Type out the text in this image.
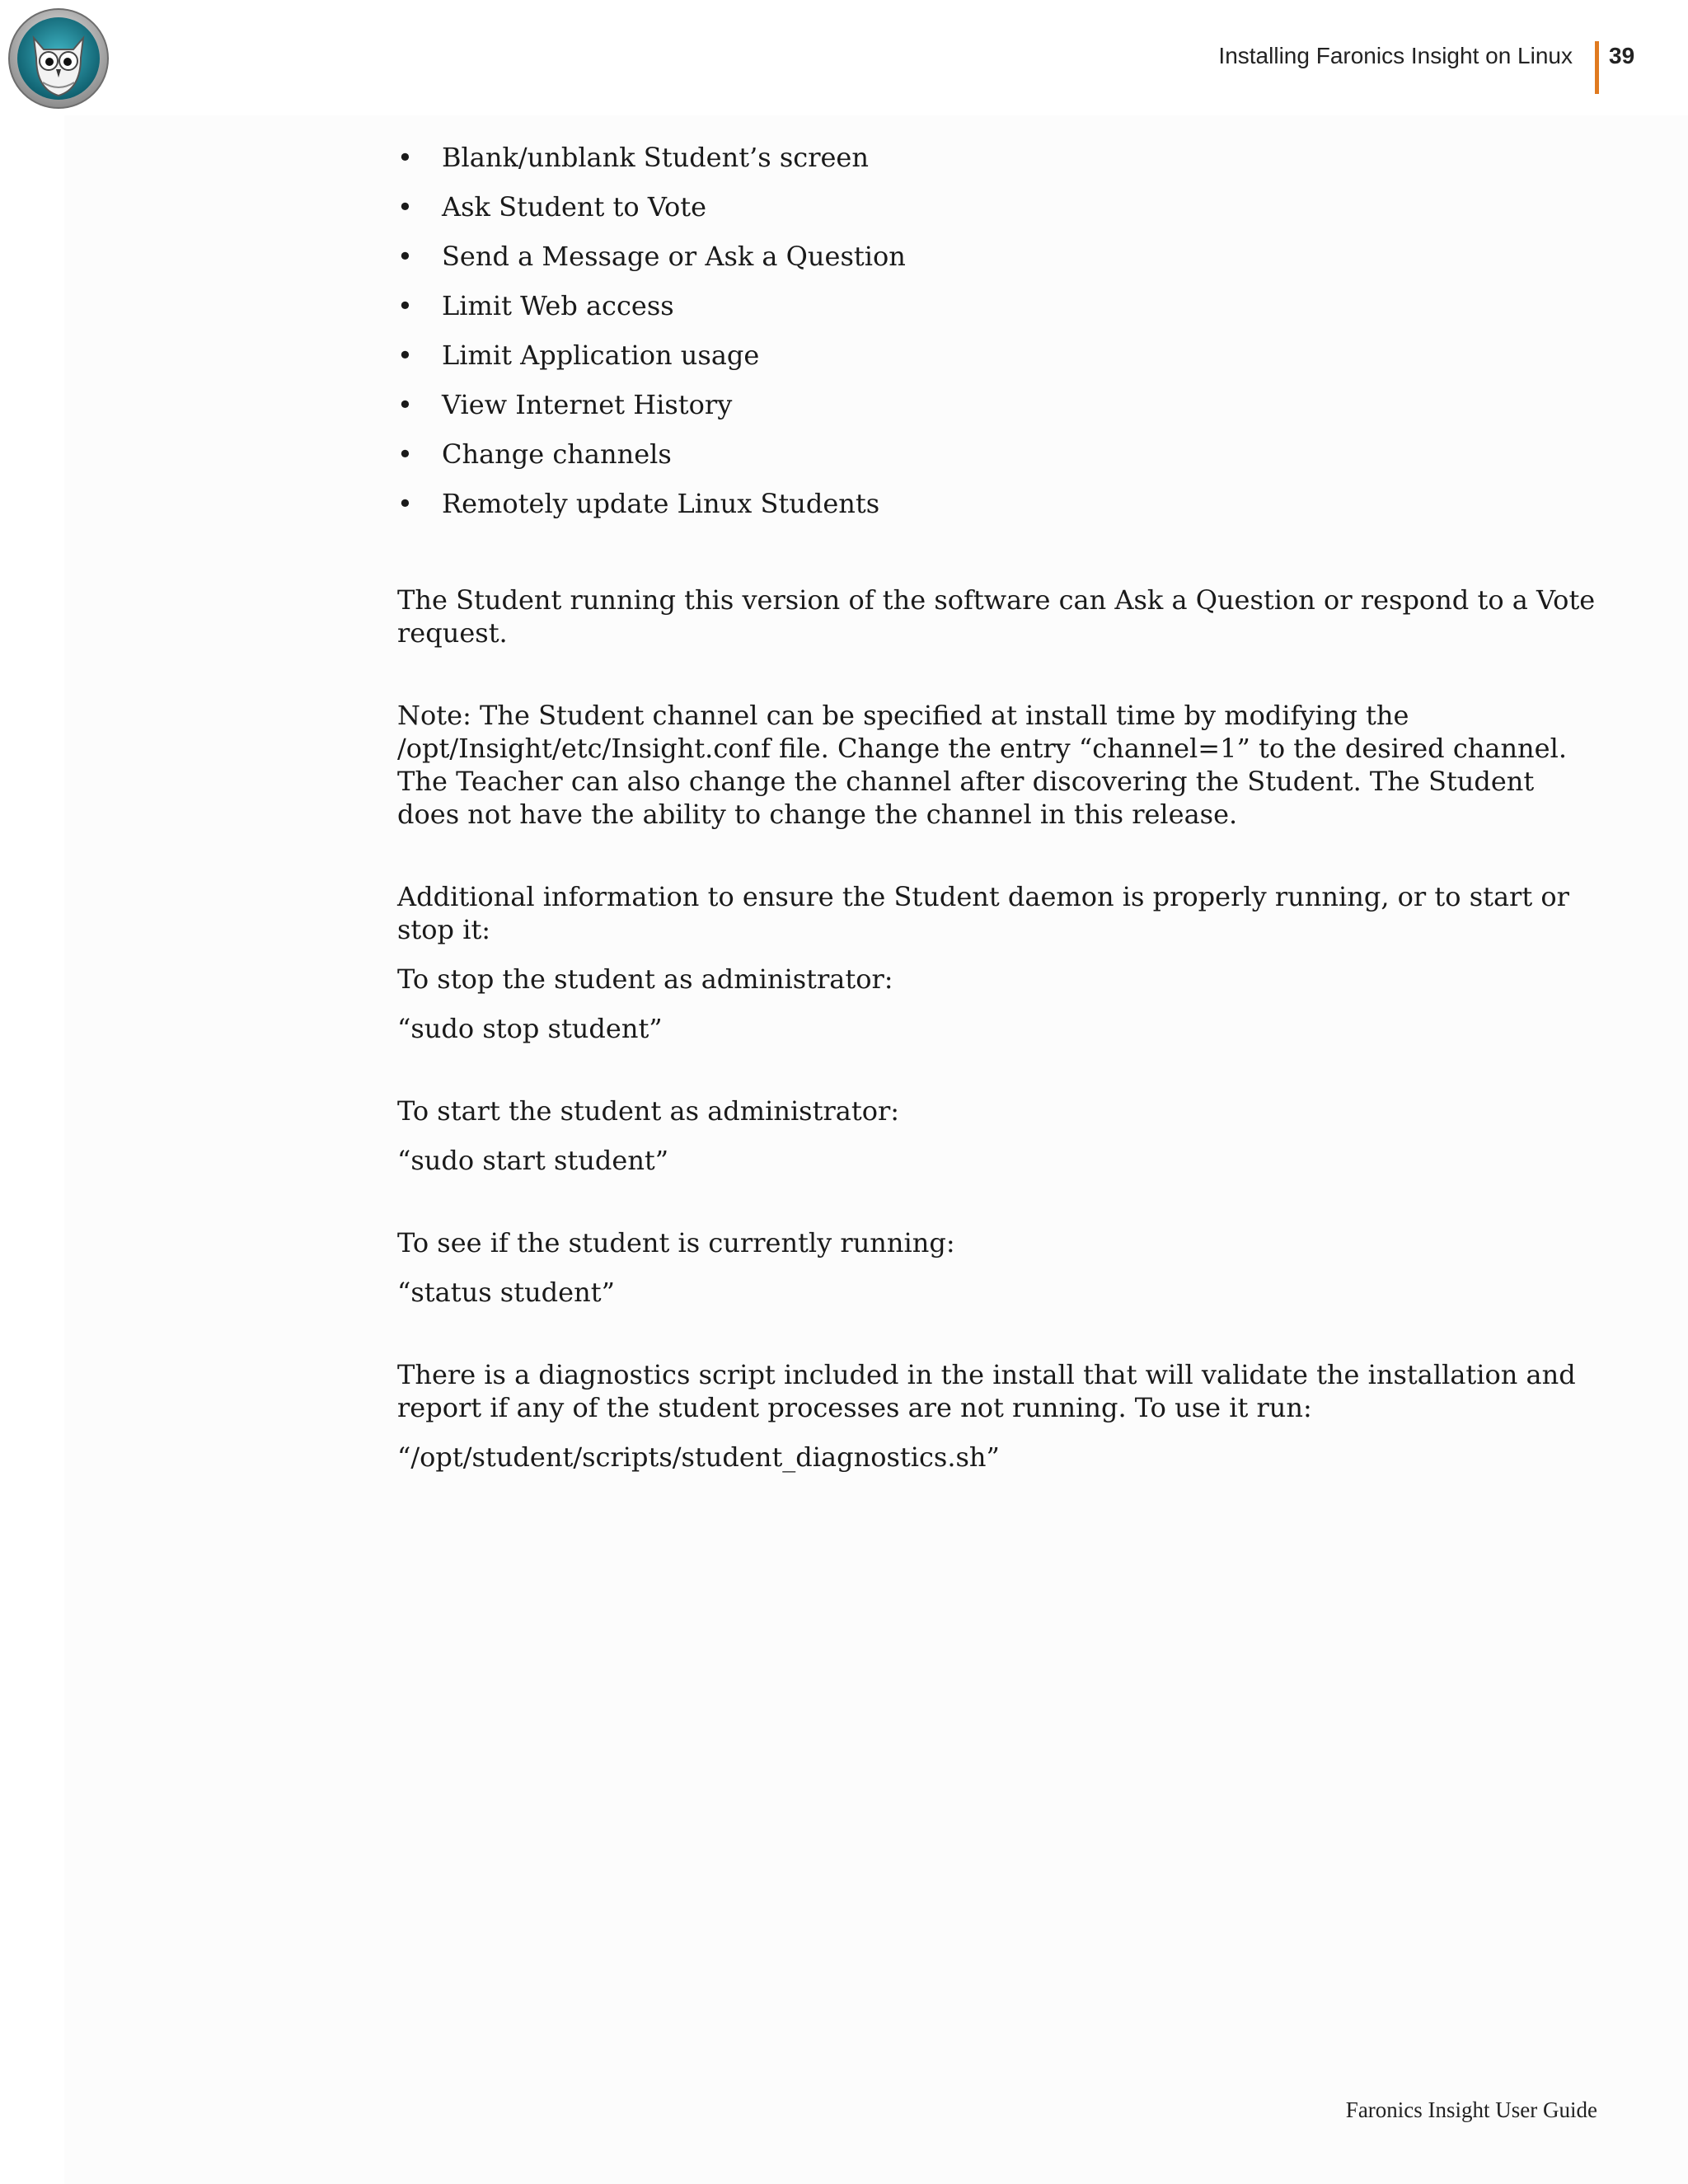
Installing Faronics Insight on Linux 39
• Blank/unblank Student’s screen
• Ask Student to Vote
• Send a Message or Ask a Question
• Limit Web access
• Limit Application usage
• View Internet History
• Change channels
• Remotely update Linux Students

The Student running this version of the software can Ask a Question or respond to a Vote request.

Note: The Student channel can be specified at install time by modifying the /opt/Insight/etc/Insight.conf file. Change the entry “channel=1” to the desired channel. The Teacher can also change the channel after discovering the Student. The Student does not have the ability to change the channel in this release.

Additional information to ensure the Student daemon is properly running, or to start or stop it:

To stop the student as administrator:

“sudo stop student”

To start the student as administrator:

“sudo start student”

To see if the student is currently running:

“status student”

There is a diagnostics script included in the install that will validate the installation and report if any of the student processes are not running. To use it run:

“/opt/student/scripts/student_diagnostics.sh”

Faronics Insight User Guide
